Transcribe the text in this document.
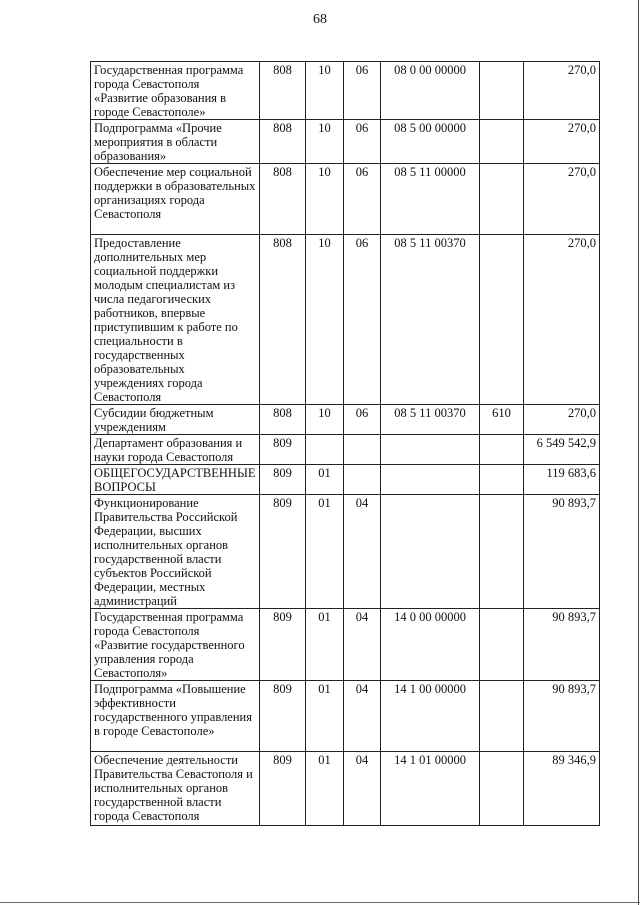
68
Государственная программа города Севастополя «Развитие образования в городе Севастополе»	808	10	06	08 0 00 00000		270,0
Подпрограмма «Прочие мероприятия в области образования»	808	10	06	08 5 00 00000		270,0
Обеспечение мер социальной поддержки в образовательных организациях города Севастополя	808	10	06	08 5 11 00000		270,0
Предоставление дополнительных мер социальной поддержки молодым специалистам из числа педагогических работников, впервые приступившим к работе по специальности в государственных образовательных учреждениях города Севастополя	808	10	06	08 5 11 00370		270,0
Субсидии бюджетным учреждениям	808	10	06	08 5 11 00370	610	270,0
Департамент образования и науки города Севастополя	809					6 549 542,9
ОБЩЕГОСУДАРСТВЕННЫЕ ВОПРОСЫ	809	01				119 683,6
Функционирование Правительства Российской Федерации, высших исполнительных органов государственной власти субъектов Российской Федерации, местных администраций	809	01	04			90 893,7
Государственная программа города Севастополя «Развитие государственного управления города Севастополя»	809	01	04	14 0 00 00000		90 893,7
Подпрограмма «Повышение эффективности государственного управления в городе Севастополе»	809	01	04	14 1 00 00000		90 893,7
Обеспечение деятельности Правительства Севастополя и исполнительных органов государственной власти города Севастополя	809	01	04	14 1 01 00000		89 346,9
